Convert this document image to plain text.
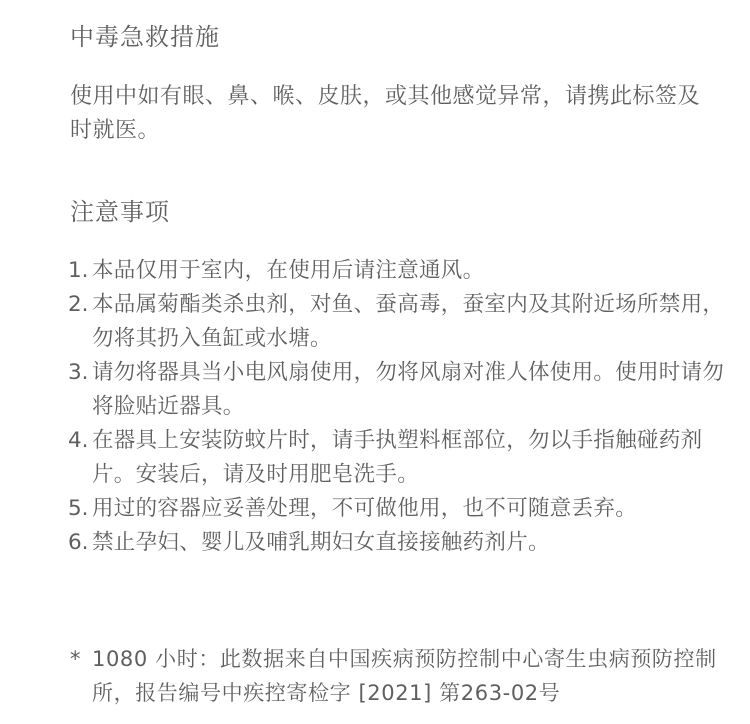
中毒急救措施
使用中如有眼、鼻、喉、皮肤，或其他感觉异常，请携此标签及时就医。
注意事项
1. 本品仅用于室内，在使用后请注意通风。
2. 本品属菊酯类杀虫剂，对鱼、蚕高毒，蚕室内及其附近场所禁用，勿将其扔入鱼缸或水塘。
3. 请勿将器具当小电风扇使用，勿将风扇对准人体使用。使用时请勿将脸贴近器具。
4. 在器具上安装防蚊片时，请手执塑料框部位，勿以手指触碰药剂片。安装后，请及时用肥皂洗手。
5. 用过的容器应妥善处理，不可做他用，也不可随意丢弃。
6. 禁止孕妇、婴儿及哺乳期妇女直接接触药剂片。
* 1080 小时：此数据来自中国疾病预防控制中心寄生虫病预防控制所，报告编号中疾控寄检字 [2021] 第263-02号
